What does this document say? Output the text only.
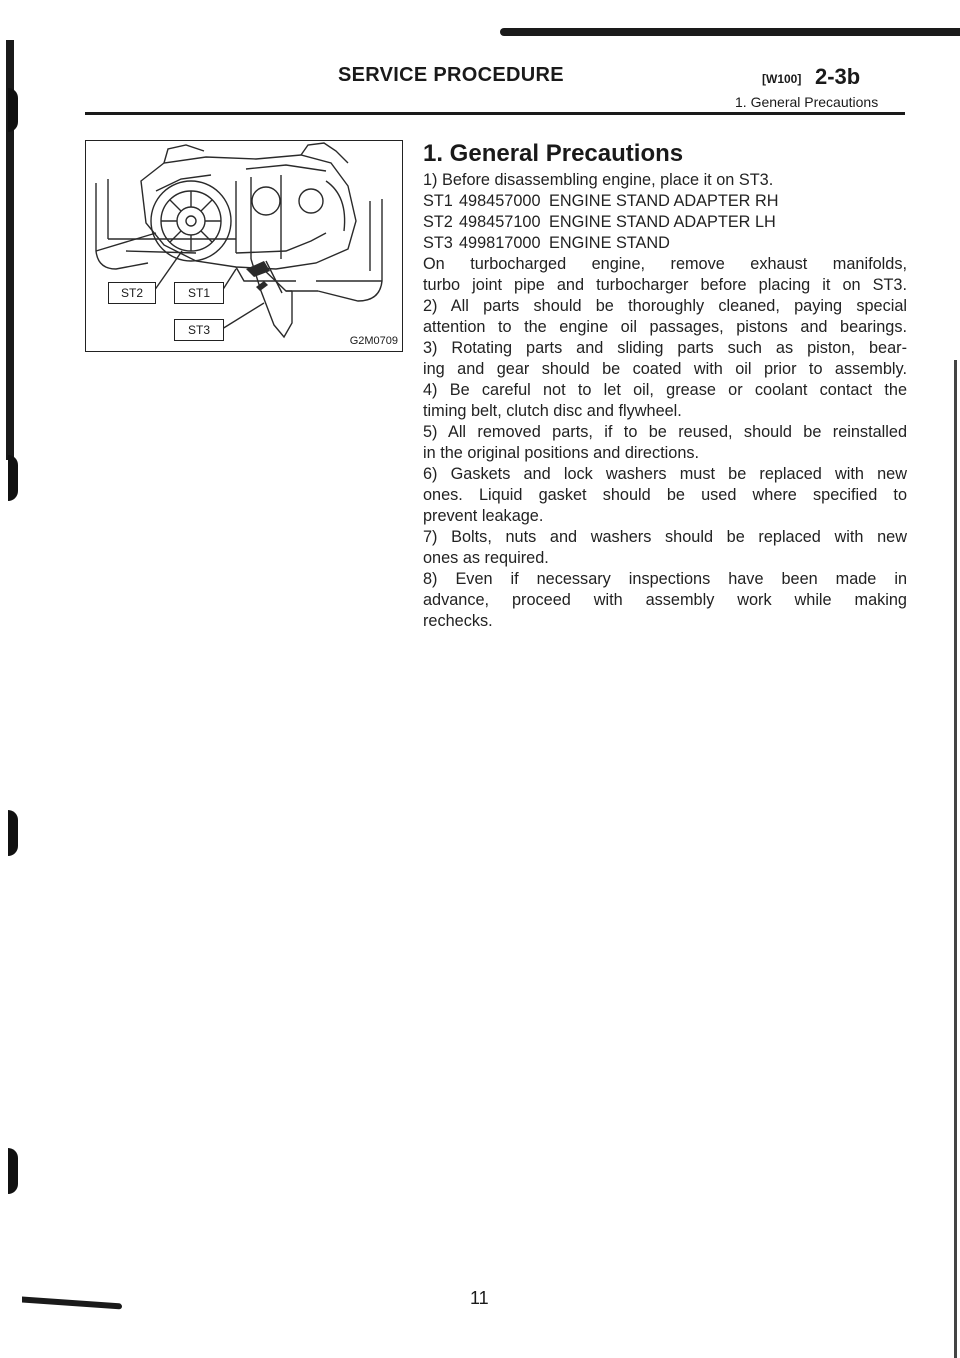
SERVICE PROCEDURE	[W100] 2-3b
1. General Precautions
ST2	ST1
ST3
G2M0709
1. General Precautions
1) Before disassembling engine, place it on ST3.
ST1 498457000 ENGINE STAND ADAPTER RH
ST2 498457100 ENGINE STAND ADAPTER LH
ST3 499817000 ENGINE STAND
On turbocharged engine, remove exhaust manifolds,
turbo joint pipe and turbocharger before placing it on ST3.
2) All parts should be thoroughly cleaned, paying special
attention to the engine oil passages, pistons and bearings.
3) Rotating parts and sliding parts such as piston, bear-
ing and gear should be coated with oil prior to assembly.
4) Be careful not to let oil, grease or coolant contact the
timing belt, clutch disc and flywheel.
5) All removed parts, if to be reused, should be reinstalled
in the original positions and directions.
6) Gaskets and lock washers must be replaced with new
ones. Liquid gasket should be used where specified to
prevent leakage.
7) Bolts, nuts and washers should be replaced with new
ones as required.
8) Even if necessary inspections have been made in
advance, proceed with assembly work while making
rechecks.
11
